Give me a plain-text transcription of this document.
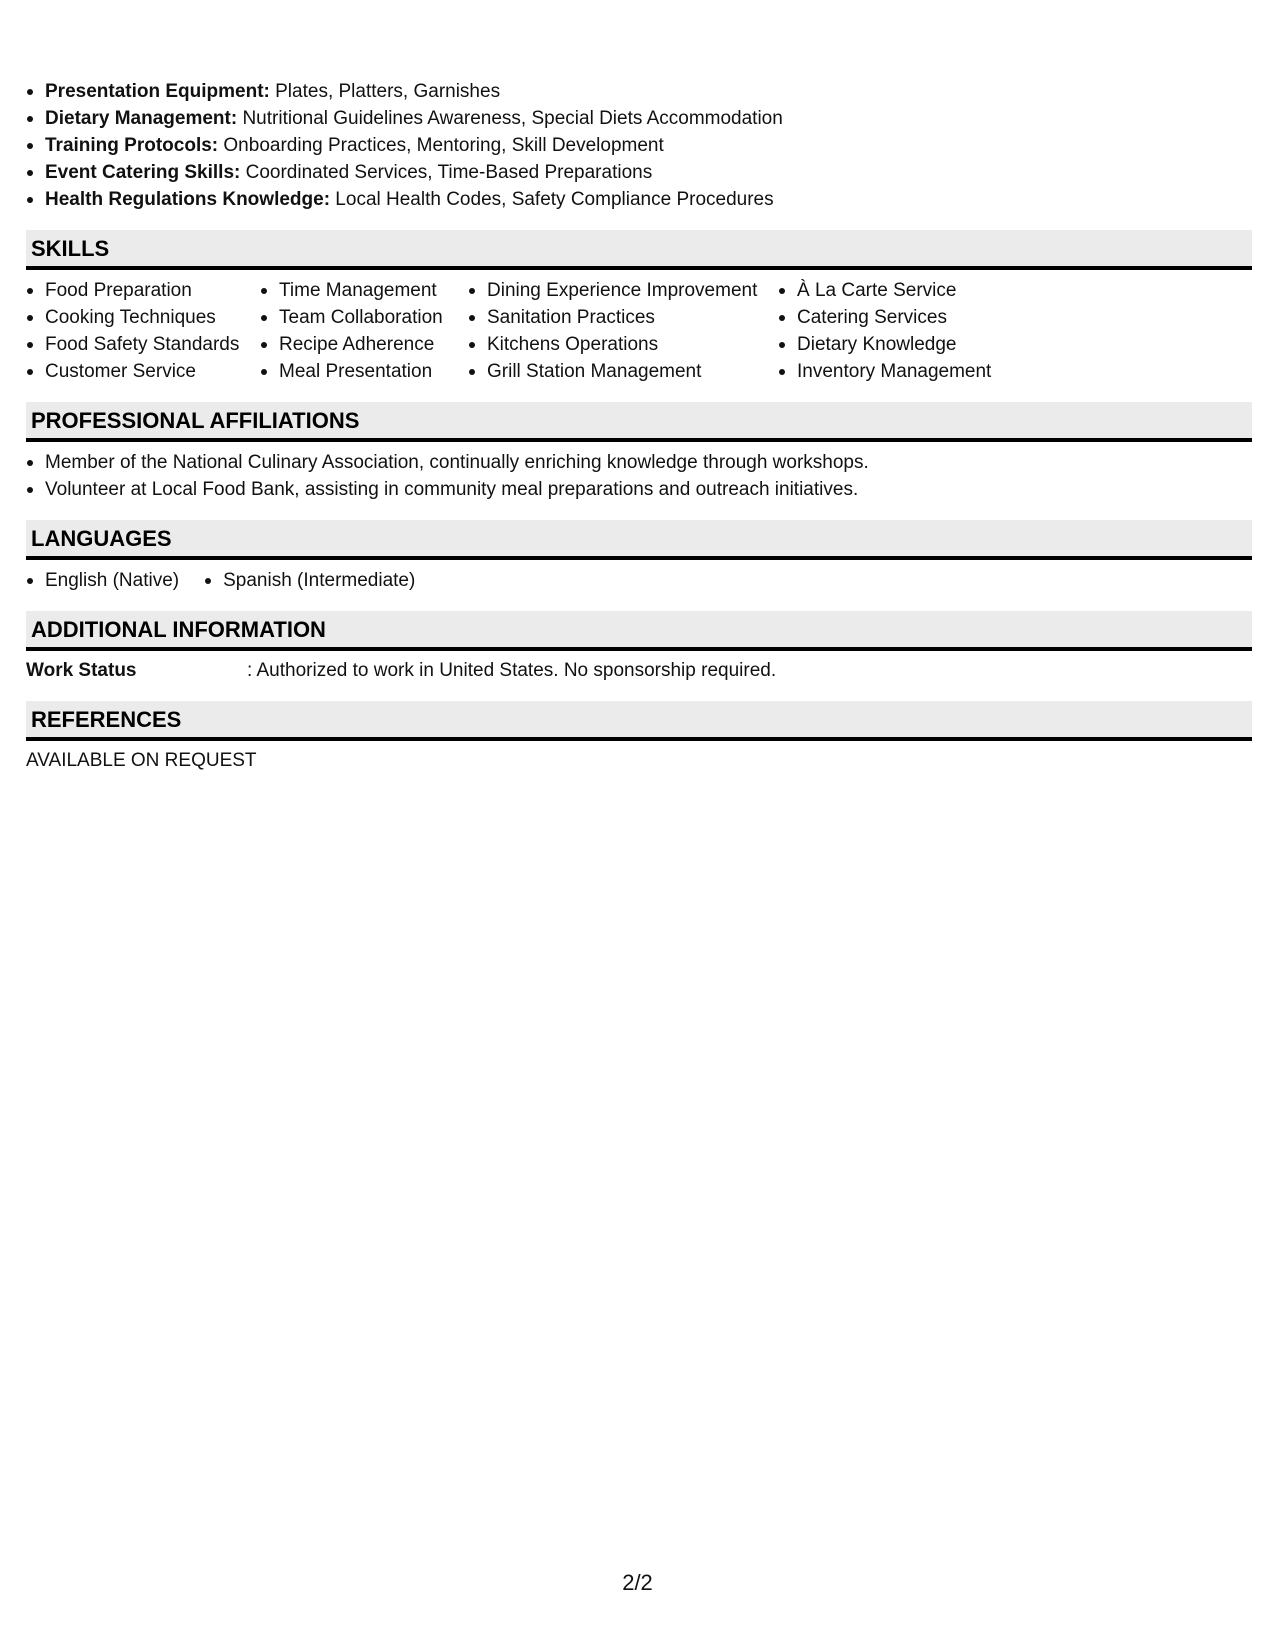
Presentation Equipment: Plates, Platters, Garnishes
Dietary Management: Nutritional Guidelines Awareness, Special Diets Accommodation
Training Protocols: Onboarding Practices, Mentoring, Skill Development
Event Catering Skills: Coordinated Services, Time-Based Preparations
Health Regulations Knowledge: Local Health Codes, Safety Compliance Procedures
SKILLS
Food Preparation
Cooking Techniques
Food Safety Standards
Customer Service
Time Management
Team Collaboration
Recipe Adherence
Meal Presentation
Dining Experience Improvement
Sanitation Practices
Kitchens Operations
Grill Station Management
À La Carte Service
Catering Services
Dietary Knowledge
Inventory Management
PROFESSIONAL AFFILIATIONS
Member of the National Culinary Association, continually enriching knowledge through workshops.
Volunteer at Local Food Bank, assisting in community meal preparations and outreach initiatives.
LANGUAGES
English (Native)	Spanish (Intermediate)
ADDITIONAL INFORMATION
Work Status	: Authorized to work in United States. No sponsorship required.
REFERENCES
AVAILABLE ON REQUEST
2/2
